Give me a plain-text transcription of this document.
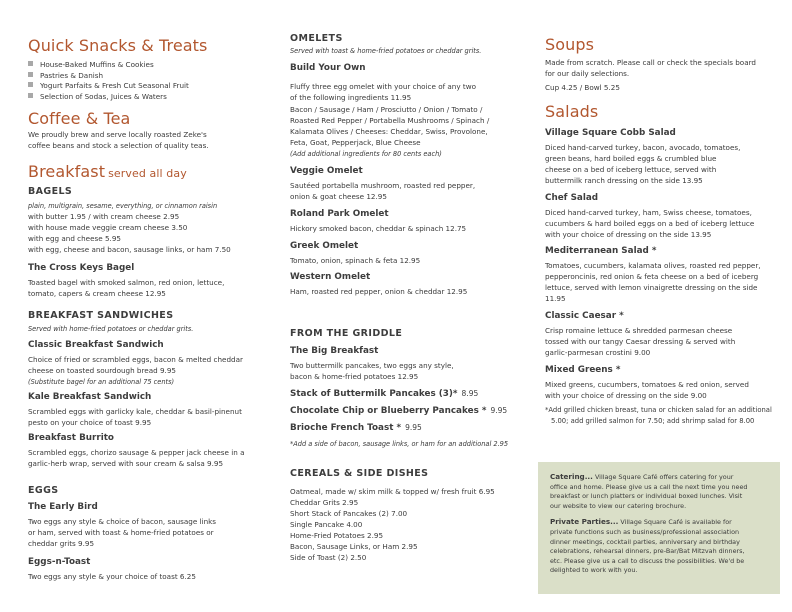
Quick Snacks & Treats
House-Baked Muffins & Cookies
Pastries & Danish
Yogurt Parfaits & Fresh Cut Seasonal Fruit
Selection of Sodas, Juices & Waters
Coffee & Tea
We proudly brew and serve locally roasted Zeke's
coffee beans and stock a selection of quality teas.
Breakfast served all day
BAGELS
plain, multigrain, sesame, everything, or cinnamon raisin
with butter 1.95 / with cream cheese 2.95
with house made veggie cream cheese 3.50
with egg and cheese 5.95
with egg, cheese and bacon, sausage links, or ham 7.50
The Cross Keys Bagel
Toasted bagel with smoked salmon, red onion, lettuce,
tomato, capers & cream cheese 12.95
BREAKFAST SANDWICHES
Served with home-fried potatoes or cheddar grits.
Classic Breakfast Sandwich
Choice of fried or scrambled eggs, bacon & melted cheddar
cheese on toasted sourdough bread 9.95
(Substitute bagel for an additional 75 cents)
Kale Breakfast Sandwich
Scrambled eggs with garlicky kale, cheddar & basil-pinenut
pesto on your choice of toast 9.95
Breakfast Burrito
Scrambled eggs, chorizo sausage & pepper jack cheese in a
garlic-herb wrap, served with sour cream & salsa 9.95
EGGS
The Early Bird
Two eggs any style & choice of bacon, sausage links
or ham, served with toast & home-fried potatoes or
cheddar grits 9.95
Eggs-n-Toast
Two eggs any style & your choice of toast 6.25
OMELETS
Served with toast & home-fried potatoes or cheddar grits.
Build Your Own
Fluffy three egg omelet with your choice of any two
of the following ingredients 11.95
Bacon / Sausage / Ham / Prosciutto / Onion / Tomato /
Roasted Red Pepper / Portabella Mushrooms / Spinach /
Kalamata Olives / Cheeses: Cheddar, Swiss, Provolone,
Feta, Goat, Pepperjack, Blue Cheese
(Add additional ingredients for 80 cents each)
Veggie Omelet
Sautéed portabella mushroom, roasted red pepper,
onion & goat cheese 12.95
Roland Park Omelet
Hickory smoked bacon, cheddar & spinach 12.75
Greek Omelet
Tomato, onion, spinach & feta 12.95
Western Omelet
Ham, roasted red pepper, onion & cheddar 12.95
FROM THE GRIDDLE
The Big Breakfast
Two buttermilk pancakes, two eggs any style,
bacon & home-fried potatoes 12.95
Stack of Buttermilk Pancakes (3)* 8.95
Chocolate Chip or Blueberry Pancakes * 9.95
Brioche French Toast * 9.95
*Add a side of bacon, sausage links, or ham for an additional 2.95
CEREALS & SIDE DISHES
Oatmeal, made w/ skim milk & topped w/ fresh fruit 6.95
Cheddar Grits 2.95
Short Stack of Pancakes (2) 7.00
Single Pancake 4.00
Home-Fried Potatoes 2.95
Bacon, Sausage Links, or Ham 2.95
Side of Toast (2) 2.50
Soups
Made from scratch. Please call or check the specials board
for our daily selections.
Cup 4.25 / Bowl 5.25
Salads
Village Square Cobb Salad
Diced hand-carved turkey, bacon, avocado, tomatoes,
green beans, hard boiled eggs & crumbled blue
cheese on a bed of iceberg lettuce, served with
buttermilk ranch dressing on the side 13.95
Chef Salad
Diced hand-carved turkey, ham, Swiss cheese, tomatoes,
cucumbers & hard boiled eggs on a bed of iceberg lettuce
with your choice of dressing on the side 13.95
Mediterranean Salad *
Tomatoes, cucumbers, kalamata olives, roasted red pepper,
pepperoncinis, red onion & feta cheese on a bed of iceberg
lettuce, served with lemon vinaigrette dressing on the side
11.95
Classic Caesar *
Crisp romaine lettuce & shredded parmesan cheese
tossed with our tangy Caesar dressing & served with
garlic-parmesan crostini 9.00
Mixed Greens *
Mixed greens, cucumbers, tomatoes & red onion, served
with your choice of dressing on the side 9.00
*Add grilled chicken breast, tuna or chicken salad for an additional
5.00; add grilled salmon for 7.50; add shrimp salad for 8.00
Catering... Village Square Café offers catering for your
office and home. Please give us a call the next time you need
breakfast or lunch platters or individual boxed lunches. Visit
our website to view our catering brochure.
Private Parties... Village Square Café is available for
private functions such as business/professional association
dinner meetings, cocktail parties, anniversary and birthday
celebrations, rehearsal dinners, pre-Bar/Bat Mitzvah dinners,
etc. Please give us a call to discuss the possibilities. We'd be
delighted to work with you.
